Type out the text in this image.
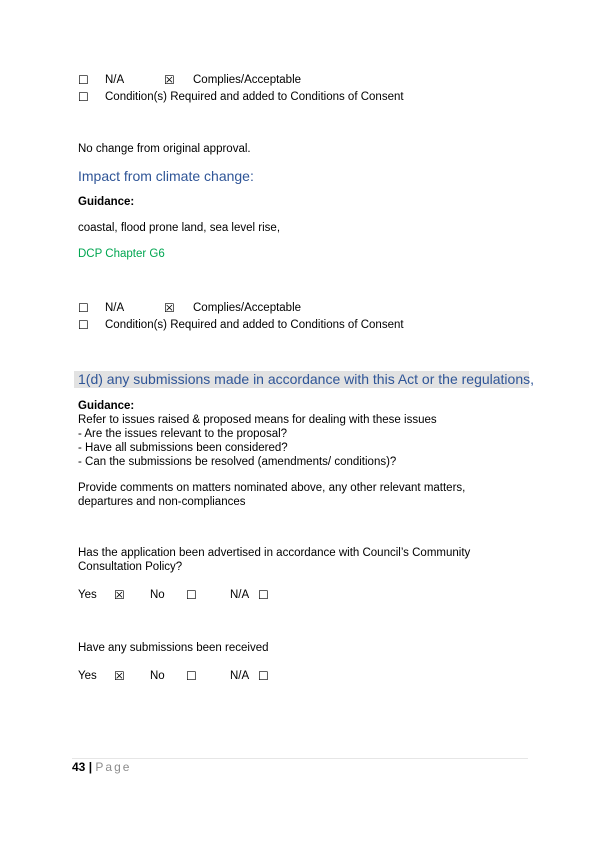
☐ N/A	☒ Complies/Acceptable
☐ Condition(s) Required and added to Conditions of Consent
No change from original approval.
Impact from climate change:
Guidance:
coastal, flood prone land, sea level rise,
DCP Chapter G6
☐ N/A	☒ Complies/Acceptable
☐ Condition(s) Required and added to Conditions of Consent
1(d) any submissions made in accordance with this Act or the regulations,
Guidance:
Refer to issues raised & proposed means for dealing with these issues
- Are the issues relevant to the proposal?
- Have all submissions been considered?
- Can the submissions be resolved (amendments/ conditions)?
Provide comments on matters nominated above, any other relevant matters,
departures and non-compliances
Has the application been advertised in accordance with Council’s Community
Consultation Policy?
Yes ☒ No ☐	N/A ☐
Have any submissions been received
Yes ☒ No ☐	N/A ☐
43 | Page
